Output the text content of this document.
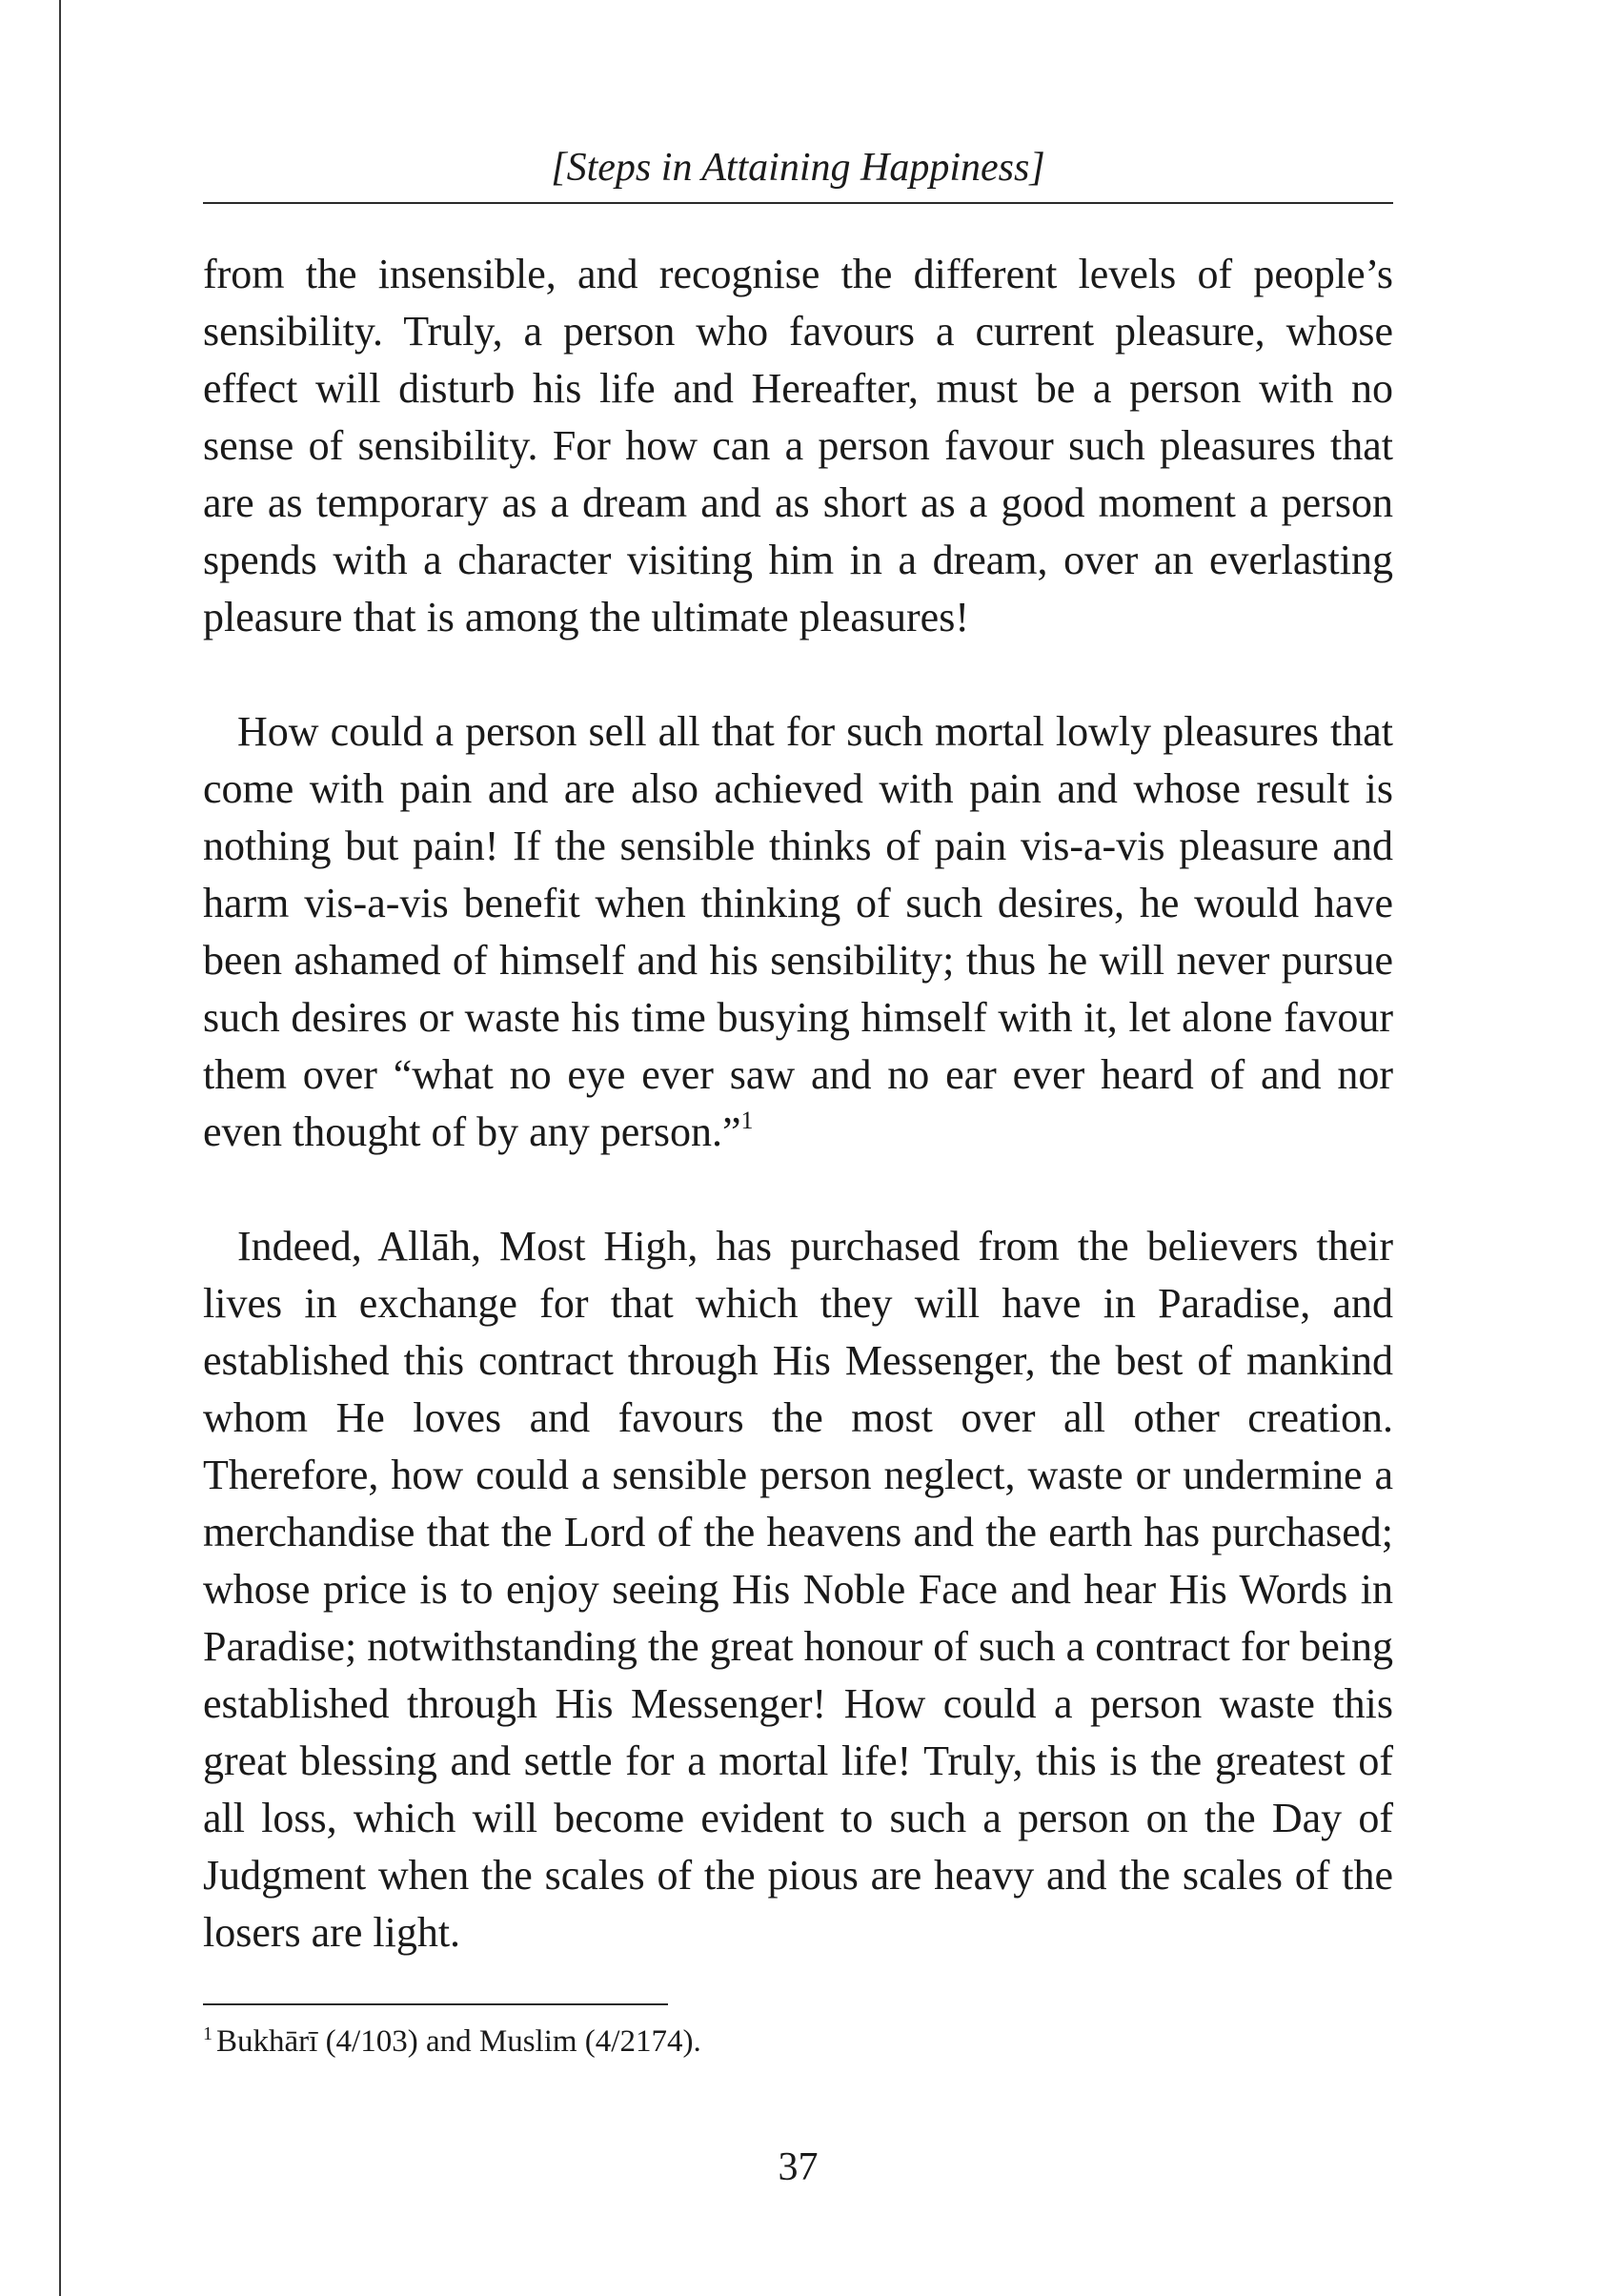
[Steps in Attaining Happiness]

from the insensible, and recognise the different levels of people’s sensibility. Truly, a person who favours a current pleasure, whose effect will disturb his life and Hereafter, must be a person with no sense of sensibility. For how can a person favour such pleasures that are as temporary as a dream and as short as a good moment a person spends with a character visiting him in a dream, over an everlasting pleasure that is among the ultimate pleasures!

How could a person sell all that for such mortal lowly pleasures that come with pain and are also achieved with pain and whose result is nothing but pain! If the sensible thinks of pain vis-a-vis pleasure and harm vis-a-vis benefit when thinking of such desires, he would have been ashamed of himself and his sensibility; thus he will never pursue such desires or waste his time busying himself with it, let alone favour them over “what no eye ever saw and no ear ever heard of and nor even thought of by any person.”$^1$

Indeed, Allāh, Most High, has purchased from the believers their lives in exchange for that which they will have in Paradise, and established this contract through His Messenger, the best of mankind whom He loves and favours the most over all other creation. Therefore, how could a sensible person neglect, waste or undermine a merchandise that the Lord of the heavens and the earth has purchased; whose price is to enjoy seeing His Noble Face and hear His Words in Paradise; notwithstanding the great honour of such a contract for being established through His Messenger! How could a person waste this great blessing and settle for a mortal life! Truly, this is the greatest of all loss, which will become evident to such a person on the Day of Judgment when the scales of the pious are heavy and the scales of the losers are light.

$^1$ Bukhārī (4/103) and Muslim (4/2174).
37
